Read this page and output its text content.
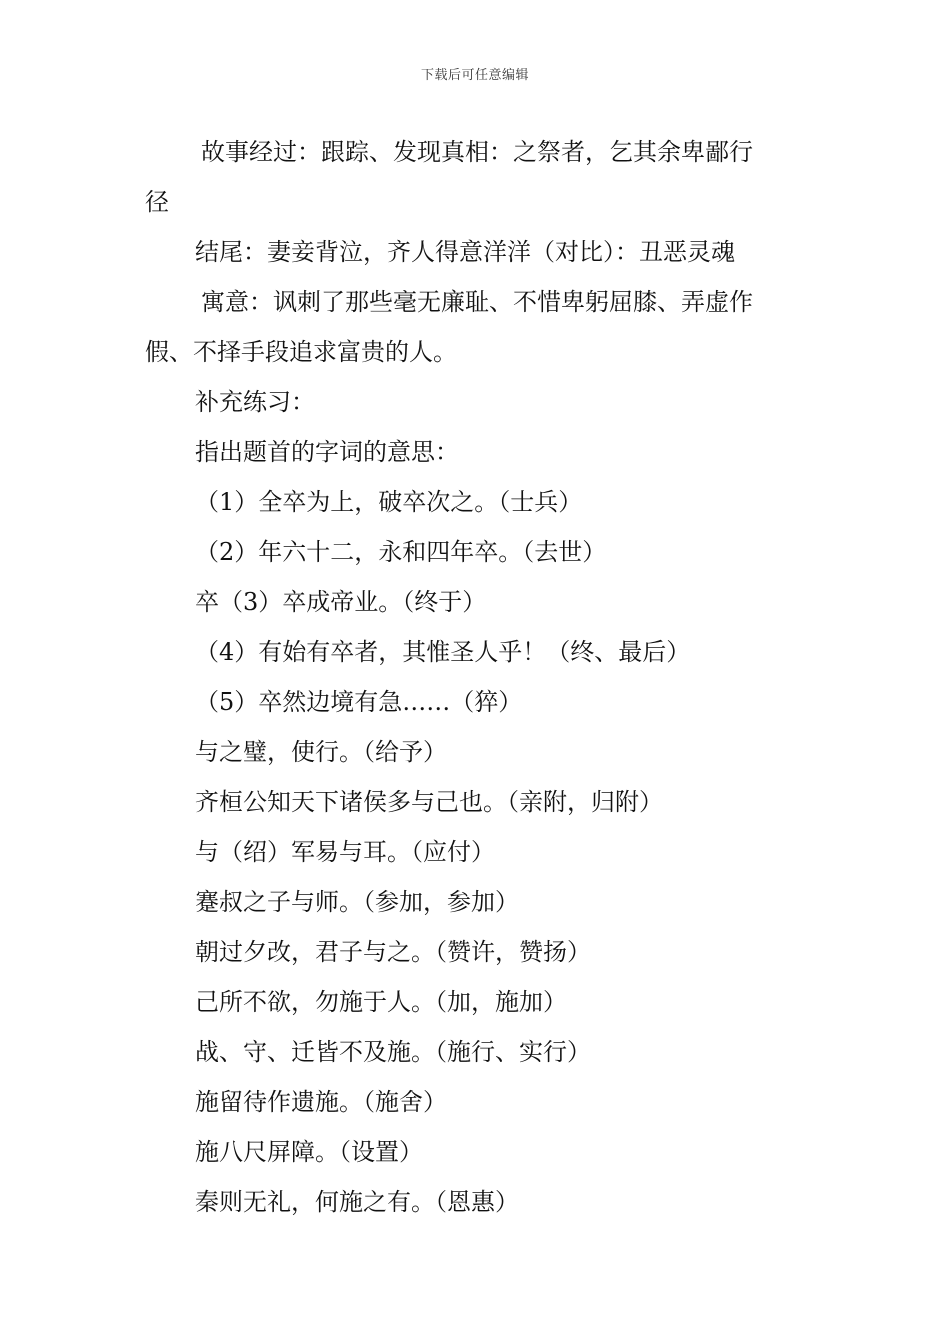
下载后可任意编辑
故事经过：跟踪、发现真相：之祭者，乞其余卑鄙行
径
结尾：妻妾背泣，齐人得意洋洋（对比）：丑恶灵魂
寓意：讽刺了那些毫无廉耻、不惜卑躬屈膝、弄虚作
假、不择手段追求富贵的人。
补充练习：
指出题首的字词的意思：
（1）全卒为上，破卒次之。（士兵）
（2）年六十二，永和四年卒。（去世）
卒（3）卒成帝业。（终于）
（4）有始有卒者，其惟圣人乎！（终、最后）
（5）卒然边境有急……（猝）
与之璧，使行。（给予）
齐桓公知天下诸侯多与己也。（亲附，归附）
与（绍）军易与耳。（应付）
蹇叔之子与师。（参加，参加）
朝过夕改，君子与之。（赞许，赞扬）
己所不欲，勿施于人。（加，施加）
战、守、迁皆不及施。（施行、实行）
施留待作遗施。（施舍）
施八尺屏障。（设置）
秦则无礼，何施之有。（恩惠）
